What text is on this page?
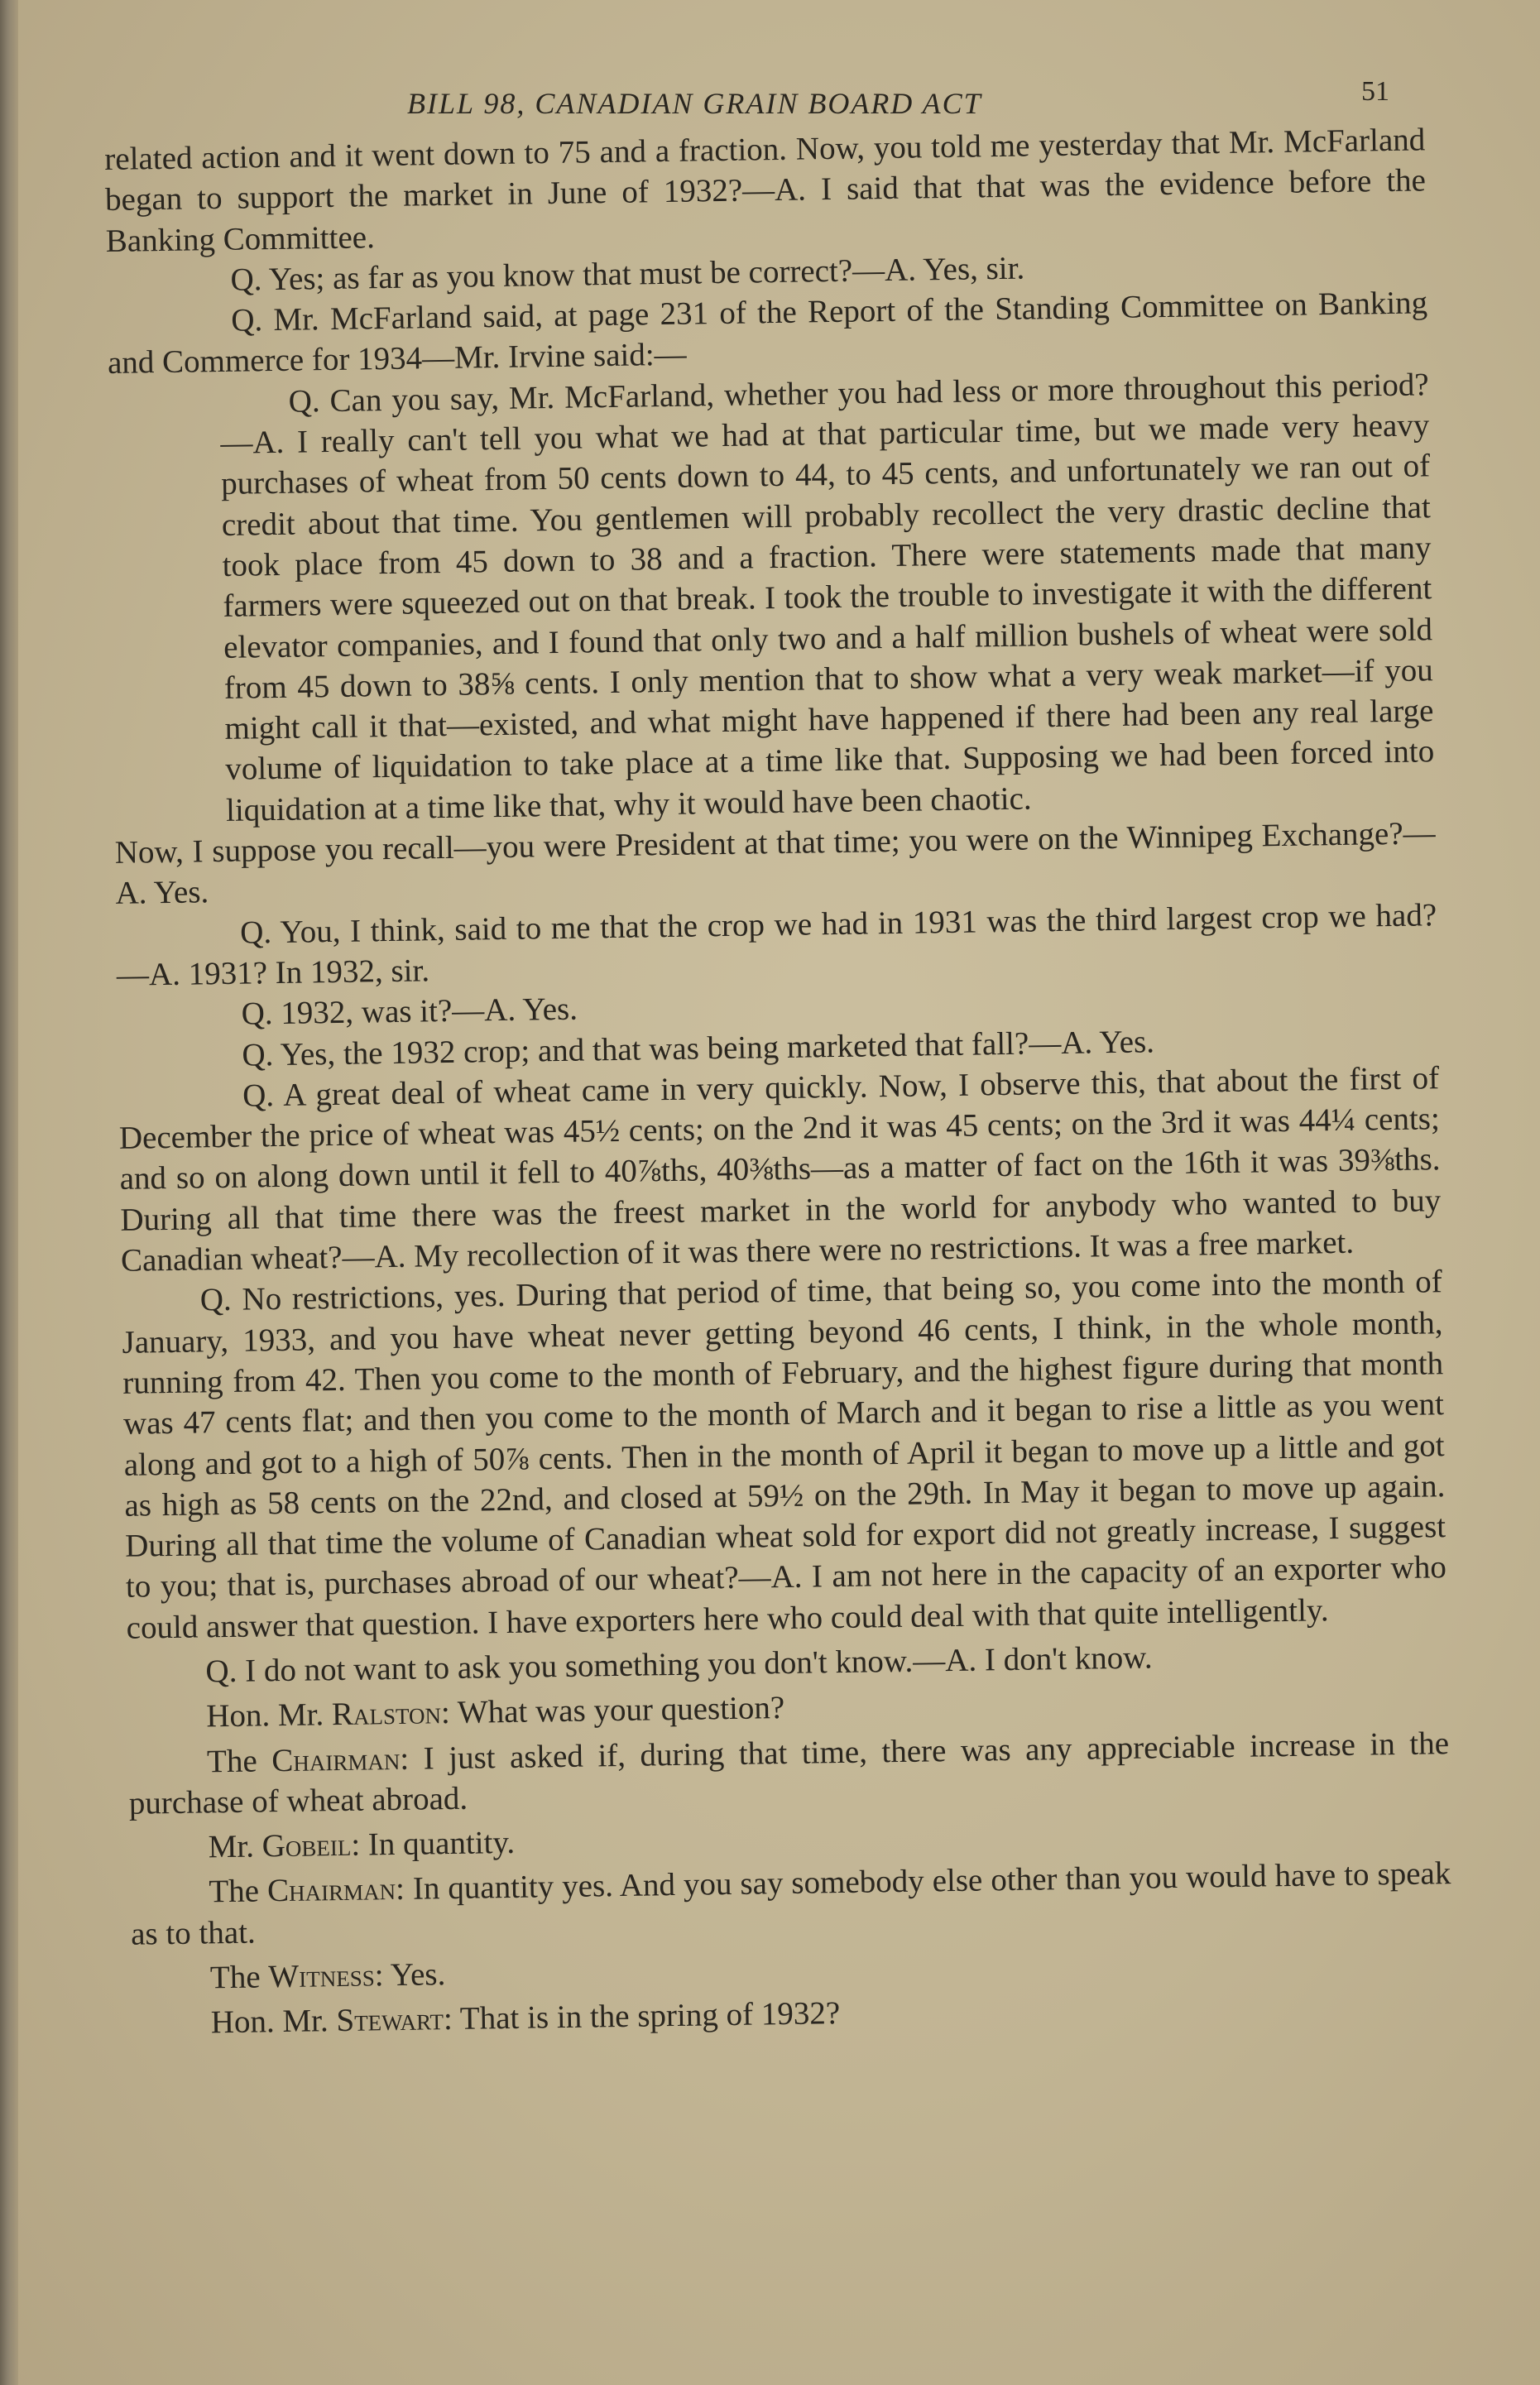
BILL 98, CANADIAN GRAIN BOARD ACT	51

related action and it went down to 75 and a fraction. Now, you told me yesterday that Mr. McFarland began to support the market in June of 1932?—A. I said that that was the evidence before the Banking Committee.

Q. Yes; as far as you know that must be correct?—A. Yes, sir.

Q. Mr. McFarland said, at page 231 of the Report of the Standing Committee on Banking and Commerce for 1934—Mr. Irvine said:—

Q. Can you say, Mr. McFarland, whether you had less or more throughout this period?—A. I really can't tell you what we had at that particular time, but we made very heavy purchases of wheat from 50 cents down to 44, to 45 cents, and unfortunately we ran out of credit about that time. You gentlemen will probably recollect the very drastic decline that took place from 45 down to 38 and a fraction. There were statements made that many farmers were squeezed out on that break. I took the trouble to investigate it with the different elevator companies, and I found that only two and a half million bushels of wheat were sold from 45 down to 38⅝ cents. I only mention that to show what a very weak market—if you might call it that—existed, and what might have happened if there had been any real large volume of liquidation to take place at a time like that. Supposing we had been forced into liquidation at a time like that, why it would have been chaotic.

Now, I suppose you recall—you were President at that time; you were on the Winnipeg Exchange?—A. Yes.

Q. You, I think, said to me that the crop we had in 1931 was the third largest crop we had?—A. 1931? In 1932, sir.

Q. 1932, was it?—A. Yes.

Q. Yes, the 1932 crop; and that was being marketed that fall?—A. Yes.

Q. A great deal of wheat came in very quickly. Now, I observe this, that about the first of December the price of wheat was 45½ cents; on the 2nd it was 45 cents; on the 3rd it was 44¼ cents; and so on along down until it fell to 40⅞ths, 40⅜ths—as a matter of fact on the 16th it was 39⅜ths. During all that time there was the freest market in the world for anybody who wanted to buy Canadian wheat?—A. My recollection of it was there were no restrictions. It was a free market.

Q. No restrictions, yes. During that period of time, that being so, you come into the month of January, 1933, and you have wheat never getting beyond 46 cents, I think, in the whole month, running from 42. Then you come to the month of February, and the highest figure during that month was 47 cents flat; and then you come to the month of March and it began to rise a little as you went along and got to a high of 50⅞ cents. Then in the month of April it began to move up a little and got as high as 58 cents on the 22nd, and closed at 59½ on the 29th. In May it began to move up again. During all that time the volume of Canadian wheat sold for export did not greatly increase, I suggest to you; that is, purchases abroad of our wheat?—A. I am not here in the capacity of an exporter who could answer that question. I have exporters here who could deal with that quite intelligently.

Q. I do not want to ask you something you don't know.—A. I don't know.

Hon. Mr. Ralston: What was your question?

The Chairman: I just asked if, during that time, there was any appreciable increase in the purchase of wheat abroad.

Mr. Gobeil: In quantity.

The Chairman: In quantity yes. And you say somebody else other than you would have to speak as to that.

The Witness: Yes.

Hon. Mr. Stewart: That is in the spring of 1932?
